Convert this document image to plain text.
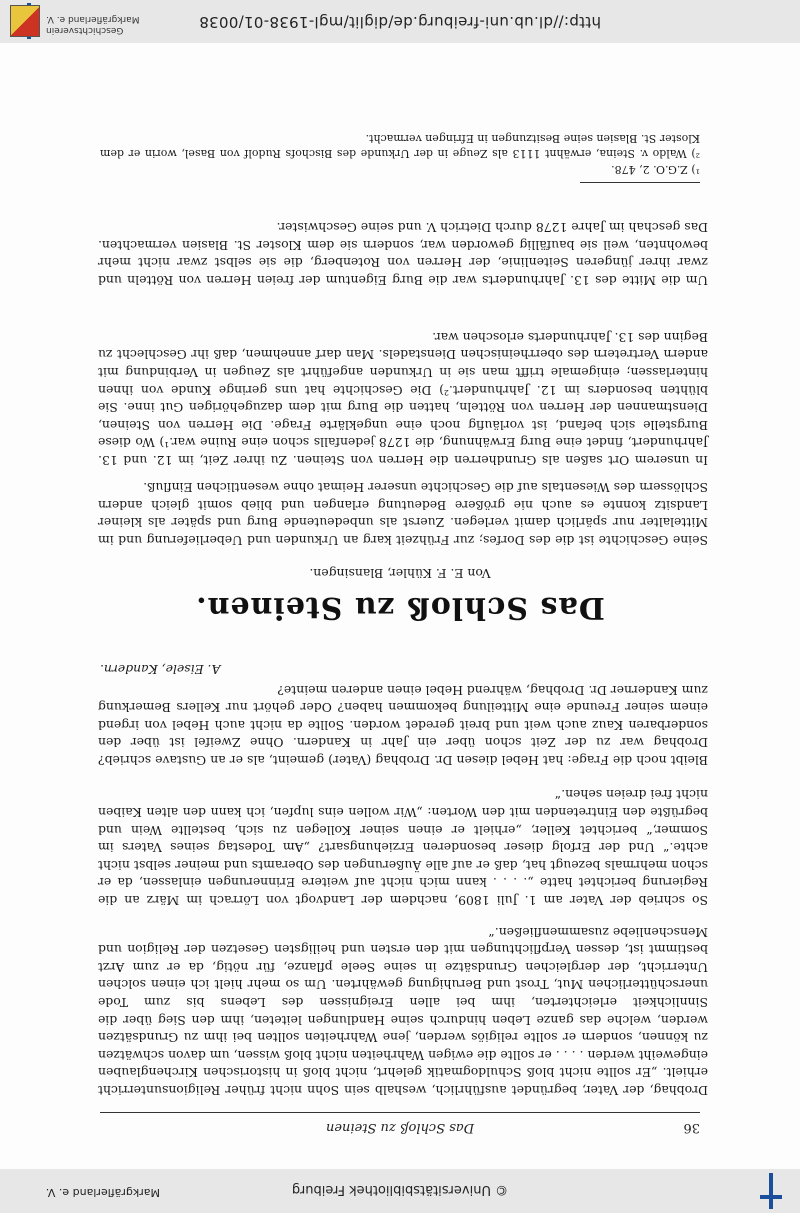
© Universitätsbibliothek Freiburg
Markgräflerland e. V.
36
Das Schloß zu Steinen

Drobhag, der Vater, begründet ausführlich, weshalb sein Sohn nicht früher Religionsunterricht erhielt. „Er sollte nicht bloß Schuldogmatik gelehrt, nicht bloß in historischen Kirchenglauben eingeweiht werden . . . . er sollte die ewigen Wahrheiten nicht bloß wissen, um davon schwätzen zu können, sondern er sollte religiös werden, jene Wahrheiten sollten bei ihm zu Grundsätzen werden, welche das ganze Leben hindurch seine Handlungen leiteten, ihm den Sieg über die Sinnlichkeit erleichterten, ihm bei allen Ereignissen des Lebens bis zum Tode unerschütterlichen Mut, Trost und Beruhigung gewährten. Um so mehr hielt ich einen solchen Unterricht, der dergleichen Grundsätze in seine Seele pflanze, für nötig, da er zum Arzt bestimmt ist, dessen Verpflichtungen mit den ersten und heiligsten Gesetzen der Religion und Menschenliebe zusammenfließen.“

So schrieb der Vater am 1. Juli 1809, nachdem der Landvogt von Lörrach im März an die Regierung berichtet hatte „. . . . kann mich nicht auf weitere Erinnerungen einlassen, da er schon mehrmals bezeugt hat, daß er auf alle Äußerungen des Oberamts und meiner selbst nicht achte.“ Und der Erfolg dieser besonderen Erziehungsart? „Am Todestag seines Vaters im Sommer,“ berichtet Keller, „erhielt er einen seiner Kollegen zu sich, bestellte Wein und begrüßte den Eintretenden mit den Worten: „Wir wollen eins lupfen, ich kann den alten Kaiben nicht frei dreien sehen.“

Bleibt noch die Frage: hat Hebel diesen Dr. Drobhag (Vater) gemeint, als er an Gustave schrieb? Drobhag war zu der Zeit schon über ein Jahr in Kandern. Ohne Zweifel ist über den sonderbaren Kauz auch weit und breit geredet worden. Sollte da nicht auch Hebel von irgend einem seiner Freunde eine Mitteilung bekommen haben? Oder gehört nur Kellers Bemerkung zum Kanderner Dr. Drobhag, während Hebel einen anderen meinte?

A. Eisele, Kandern.
Das Schloß zu Steinen.
Von E. F. Kühler, Blansingen.

Seine Geschichte ist die des Dorfes; zur Frühzeit karg an Urkunden und Ueberlieferung und im Mittelalter nur spärlich damit verlegen. Zuerst als unbedeutende Burg und später als kleiner Landsitz konnte es auch nie größere Bedeutung erlangen und blieb somit gleich andern Schlössern des Wiesentals auf die Geschichte unserer Heimat ohne wesentlichen Einfluß.

In unserem Ort saßen als Grundherren die Herren von Steinen. Zu ihrer Zeit, im 12. und 13. Jahrhundert, findet eine Burg Erwähnung, die 1278 jedenfalls schon eine Ruine war.¹) Wo diese Burgstelle sich befand, ist vorläufig noch eine ungeklärte Frage. Die Herren von Steinen, Dienstmannen der Herren von Rötteln, hatten die Burg mit dem dazugehörigen Gut inne. Sie blühten besonders im 12. Jahrhundert.²) Die Geschichte hat uns geringe Kunde von ihnen hinterlassen; einigemale trifft man sie in Urkunden angeführt als Zeugen in Verbindung mit andern Vertretern des oberrheinischen Dienstadels. Man darf annehmen, daß ihr Geschlecht zu Beginn des 13. Jahrhunderts erloschen war.

Um die Mitte des 13. Jahrhunderts war die Burg Eigentum der freien Herren von Rötteln und zwar ihrer jüngeren Seitenlinie, der Herren von Rotenberg, die sie selbst zwar nicht mehr bewohnten, weil sie baufällig geworden war, sondern sie dem Kloster St. Blasien vermachten. Das geschah im Jahre 1278 durch Dietrich V. und seine Geschwister.

¹) Z.G.O. 2, 478.
²) Waldo v. Steina, erwähnt 1113 als Zeuge in der Urkunde des Bischofs Rudolf von Basel, worin er dem Kloster St. Blasien seine Besitzungen in Efringen vermacht.
http://dl.ub.uni-freiburg.de/diglit/mgl-1938-01/0038
Geschichtsverein Markgräflerland e. V.
